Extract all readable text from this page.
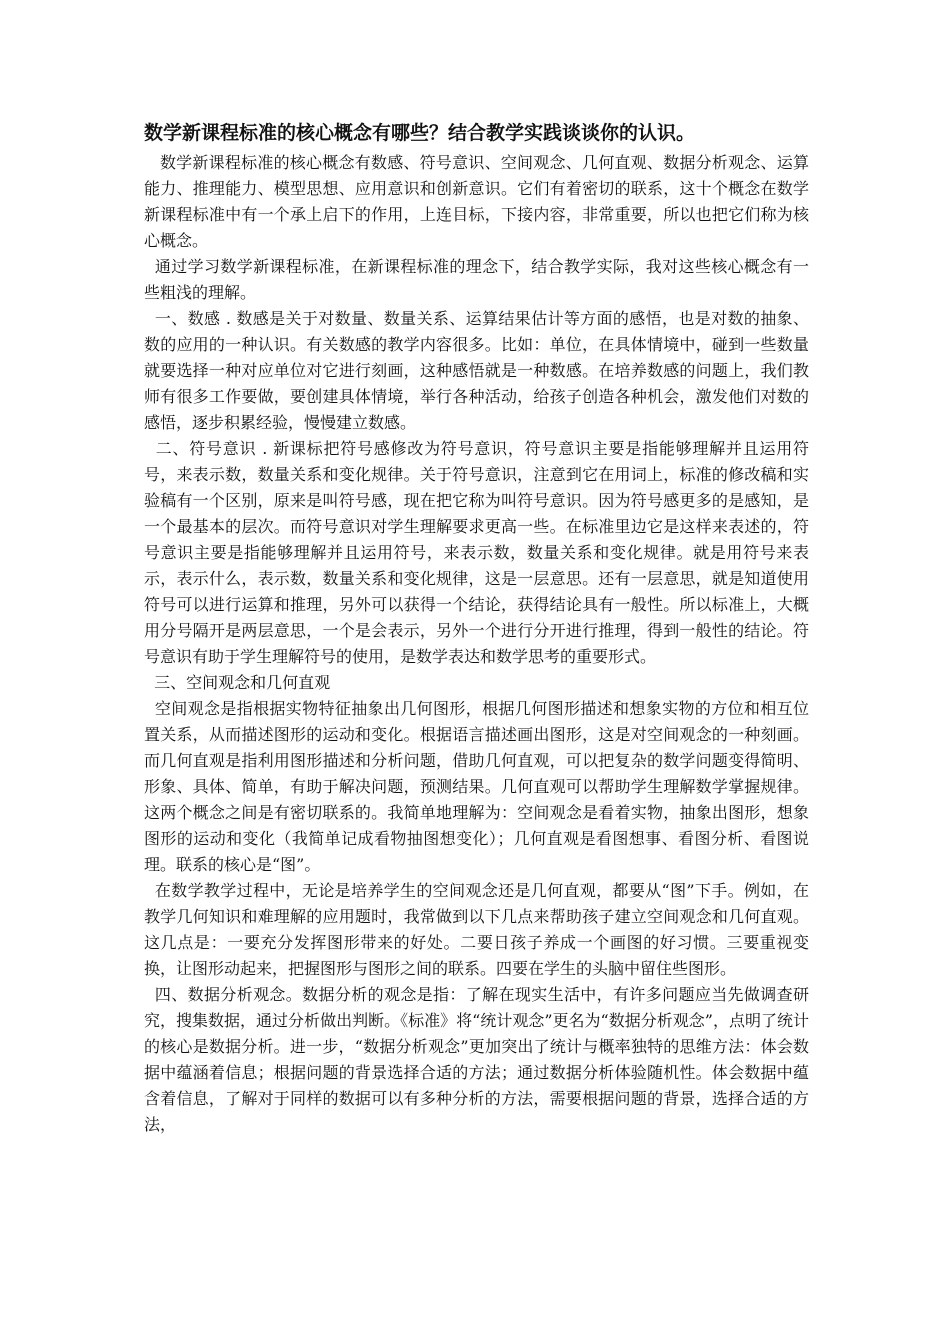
数学新课程标准的核心概念有哪些？结合教学实践谈谈你的认识。

数学新课程标准的核心概念有数感、符号意识、空间观念、几何直观、数据分析观念、运算能力、推理能力、模型思想、应用意识和创新意识。它们有着密切的联系，这十个概念在数学新课程标准中有一个承上启下的作用，上连目标，下接内容，非常重要，所以也把它们称为核心概念。

通过学习数学新课程标准，在新课程标准的理念下，结合教学实际，我对这些核心概念有一些粗浅的理解。

一、数感 . 数感是关于对数量、数量关系、运算结果估计等方面的感悟，也是对数的抽象、数的应用的一种认识。有关数感的教学内容很多。比如：单位，在具体情境中，碰到一些数量就要选择一种对应单位对它进行刻画，这种感悟就是一种数感。在培养数感的问题上，我们教师有很多工作要做，要创建具体情境，举行各种活动，给孩子创造各种机会，激发他们对数的感悟，逐步积累经验，慢慢建立数感。

二、符号意识 . 新课标把符号感修改为符号意识，符号意识主要是指能够理解并且运用符号，来表示数，数量关系和变化规律。关于符号意识，注意到它在用词上，标准的修改稿和实验稿有一个区别，原来是叫符号感，现在把它称为叫符号意识。因为符号感更多的是感知，是一个最基本的层次。而符号意识对学生理解要求更高一些。在标准里边它是这样来表述的，符号意识主要是指能够理解并且运用符号，来表示数，数量关系和变化规律。就是用符号来表示，表示什么，表示数，数量关系和变化规律，这是一层意思。还有一层意思，就是知道使用符号可以进行运算和推理，另外可以获得一个结论，获得结论具有一般性。所以标准上，大概用分号隔开是两层意思，一个是会表示，另外一个进行分开进行推理，得到一般性的结论。符号意识有助于学生理解符号的使用，是数学表达和数学思考的重要形式。

三、空间观念和几何直观

空间观念是指根据实物特征抽象出几何图形，根据几何图形描述和想象实物的方位和相互位置关系，从而描述图形的运动和变化。根据语言描述画出图形，这是对空间观念的一种刻画。而几何直观是指利用图形描述和分析问题，借助几何直观，可以把复杂的数学问题变得简明、形象、具体、简单，有助于解决问题，预测结果。几何直观可以帮助学生理解数学掌握规律。这两个概念之间是有密切联系的。我简单地理解为：空间观念是看着实物，抽象出图形，想象图形的运动和变化（我简单记成看物抽图想变化）；几何直观是看图想事、看图分析、看图说理。联系的核心是“图”。

在数学教学过程中，无论是培养学生的空间观念还是几何直观，都要从“图”下手。例如，在教学几何知识和难理解的应用题时，我常做到以下几点来帮助孩子建立空间观念和几何直观。这几点是：一要充分发挥图形带来的好处。二要日孩子养成一个画图的好习惯。三要重视变换，让图形动起来，把握图形与图形之间的联系。四要在学生的头脑中留住些图形。

四、数据分析观念。数据分析的观念是指：了解在现实生活中，有许多问题应当先做调查研究，搜集数据，通过分析做出判断。《标准》将“统计观念”更名为“数据分析观念”，点明了统计的核心是数据分析。进一步，“数据分析观念”更加突出了统计与概率独特的思维方法：体会数据中蕴涵着信息；根据问题的背景选择合适的方法；通过数据分析体验随机性。体会数据中蕴含着信息，了解对于同样的数据可以有多种分析的方法，需要根据问题的背景，选择合适的方法，
